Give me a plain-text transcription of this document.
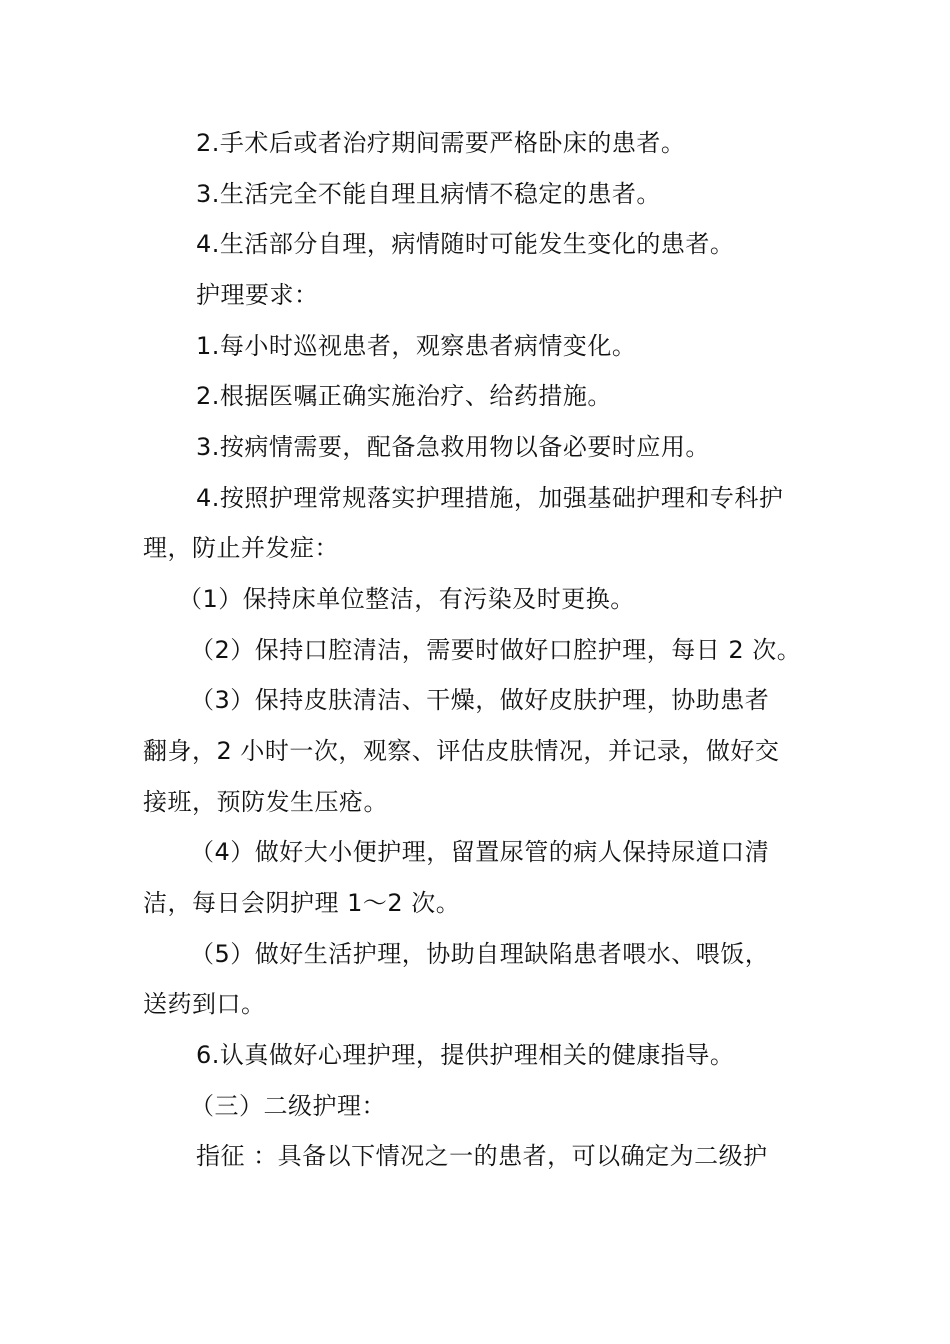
2.手术后或者治疗期间需要严格卧床的患者。
3.生活完全不能自理且病情不稳定的患者。
4.生活部分自理，病情随时可能发生变化的患者。
护理要求：
1.每小时巡视患者，观察患者病情变化。
2.根据医嘱正确实施治疗、给药措施。
3.按病情需要，配备急救用物以备必要时应用。
4.按照护理常规落实护理措施，加强基础护理和专科护
理，防止并发症：
（1）保持床单位整洁，有污染及时更换。
（2）保持口腔清洁，需要时做好口腔护理，每日 2 次。
（3）保持皮肤清洁、干燥，做好皮肤护理，协助患者
翻身，2 小时一次，观察、评估皮肤情况，并记录，做好交
接班，预防发生压疮。
（4）做好大小便护理，留置尿管的病人保持尿道口清
洁，每日会阴护理 1～2 次。
（5）做好生活护理，协助自理缺陷患者喂水、喂饭，
送药到口。
6.认真做好心理护理，提供护理相关的健康指导。
（三）二级护理：
指征 ：具备以下情况之一的患者，可以确定为二级护
